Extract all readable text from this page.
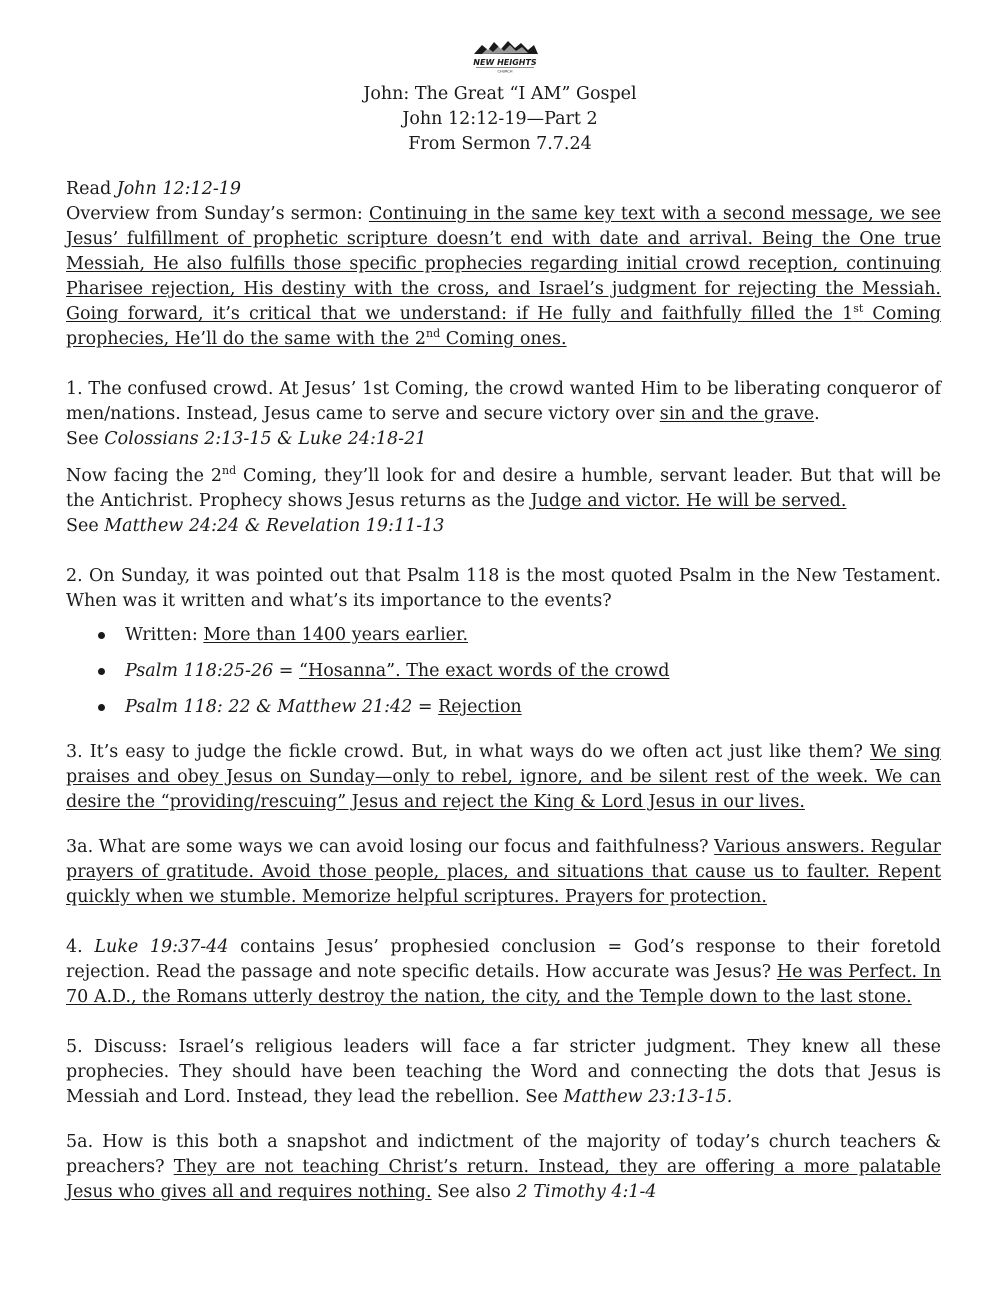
NEW HEIGHTS
CHURCH
John: The Great “I AM” Gospel
John 12:12-19—Part 2
From Sermon 7.7.24

Read John 12:12-19

Overview from Sunday’s sermon: Continuing in the same key text with a second message, we see Jesus’ fulfillment of prophetic scripture doesn’t end with date and arrival. Being the One true Messiah, He also fulfills those specific prophecies regarding initial crowd reception, continuing Pharisee rejection, His destiny with the cross, and Israel’s judgment for rejecting the Messiah. Going forward, it’s critical that we understand: if He fully and faithfully filled the 1st Coming prophecies, He’ll do the same with the 2nd Coming ones.

1. The confused crowd. At Jesus’ 1st Coming, the crowd wanted Him to be liberating conqueror of men/nations. Instead, Jesus came to serve and secure victory over sin and the grave.

See Colossians 2:13-15 & Luke 24:18-21

Now facing the 2nd Coming, they’ll look for and desire a humble, servant leader. But that will be the Antichrist. Prophecy shows Jesus returns as the Judge and victor. He will be served.

See Matthew 24:24 & Revelation 19:11-13

2. On Sunday, it was pointed out that Psalm 118 is the most quoted Psalm in the New Testament. When was it written and what’s its importance to the events?

Written: More than 1400 years earlier.
Psalm 118:25-26 = “Hosanna”. The exact words of the crowd
Psalm 118: 22 & Matthew 21:42 = Rejection

3. It’s easy to judge the fickle crowd. But, in what ways do we often act just like them? We sing praises and obey Jesus on Sunday—only to rebel, ignore, and be silent rest of the week. We can desire the “providing/rescuing” Jesus and reject the King & Lord Jesus in our lives.

3a. What are some ways we can avoid losing our focus and faithfulness? Various answers. Regular prayers of gratitude. Avoid those people, places, and situations that cause us to faulter. Repent quickly when we stumble. Memorize helpful scriptures. Prayers for protection.

4. Luke 19:37-44 contains Jesus’ prophesied conclusion = God’s response to their foretold rejection. Read the passage and note specific details. How accurate was Jesus? He was Perfect. In 70 A.D., the Romans utterly destroy the nation, the city, and the Temple down to the last stone.

5. Discuss: Israel’s religious leaders will face a far stricter judgment. They knew all these prophecies. They should have been teaching the Word and connecting the dots that Jesus is Messiah and Lord. Instead, they lead the rebellion. See Matthew 23:13-15.

5a. How is this both a snapshot and indictment of the majority of today’s church teachers & preachers? They are not teaching Christ’s return. Instead, they are offering a more palatable Jesus who gives all and requires nothing. See also 2 Timothy 4:1-4
